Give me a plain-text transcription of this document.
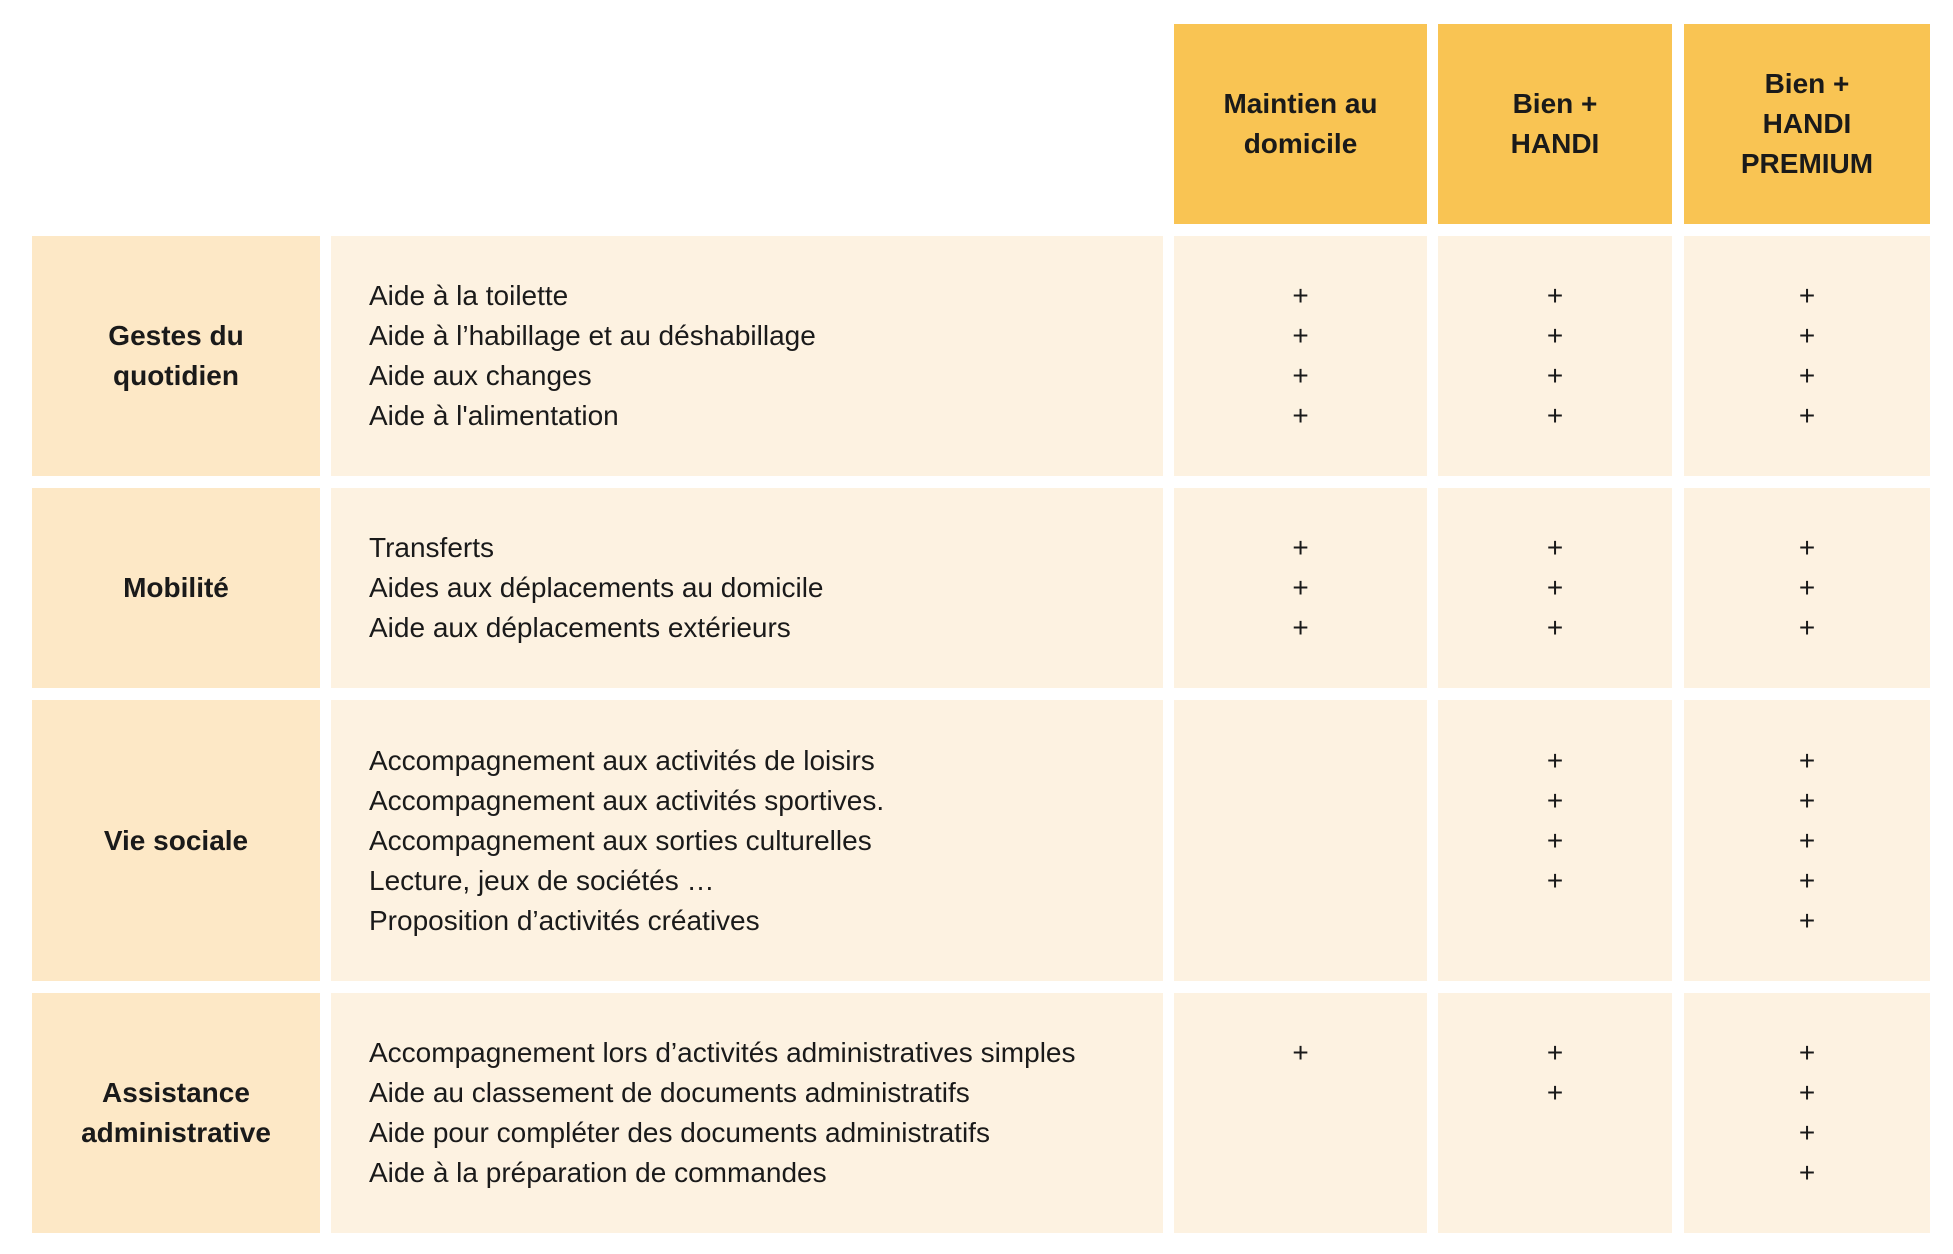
Maintien au
domicile
Bien +
HANDI
Bien +
HANDI
PREMIUM
Gestes du
quotidien
Aide à la toilette
Aide à l’habillage et au déshabillage
Aide aux changes
Aide à l'alimentation
+
+
+
+
+
+
+
+
+
+
+
+
Mobilité
Transferts
Aides aux déplacements au domicile
Aide aux déplacements extérieurs
+
+
+
+
+
+
+
+
+
Vie sociale
Accompagnement aux activités de loisirs
Accompagnement aux activités sportives.
Accompagnement aux sorties culturelles
Lecture, jeux de sociétés …
Proposition d’activités créatives
+
+
+
+
+
+
+
+
+
Assistance
administrative
Accompagnement lors d’activités administratives simples
Aide au classement de documents administratifs
Aide pour compléter des documents administratifs
Aide à la préparation de commandes
+	+
+
+
+
+
+
